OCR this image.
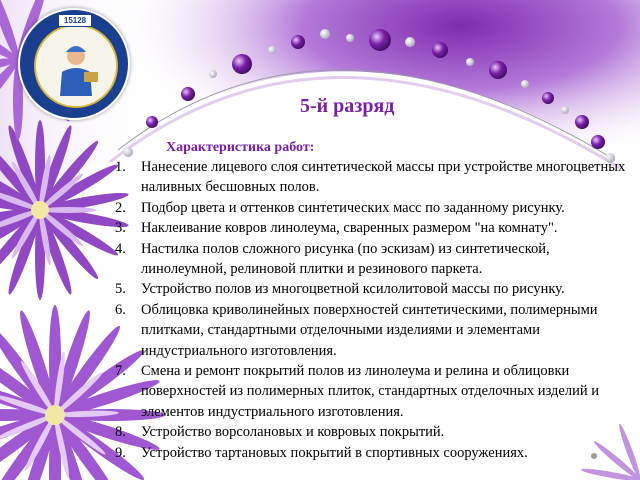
15128
5-й разряд
Характеристика работ:
1. Нанесение лицевого слоя синтетической массы при устройстве многоцветных наливных бесшовных полов.
2. Подбор цвета и оттенков синтетических масс по заданному рисунку.
3. Наклеивание ковров линолеума, сваренных размером "на комнату".
4. Настилка полов сложного рисунка (по эскизам) из синтетической, линолеумной, релиновой плитки и резинового паркета.
5. Устройство полов из многоцветной ксилолитовой массы по рисунку.
6. Облицовка криволинейных поверхностей синтетическими, полимерными плитками, стандартными отделочными изделиями и элементами индустриального изготовления.
7. Смена и ремонт покрытий полов из линолеума и релина и облицовки поверхностей из полимерных плиток, стандартных отделочных изделий и элементов индустриального изготовления.
8. Устройство ворсолановых и ковровых покрытий.
9. Устройство тартановых покрытий в спортивных сооружениях.
